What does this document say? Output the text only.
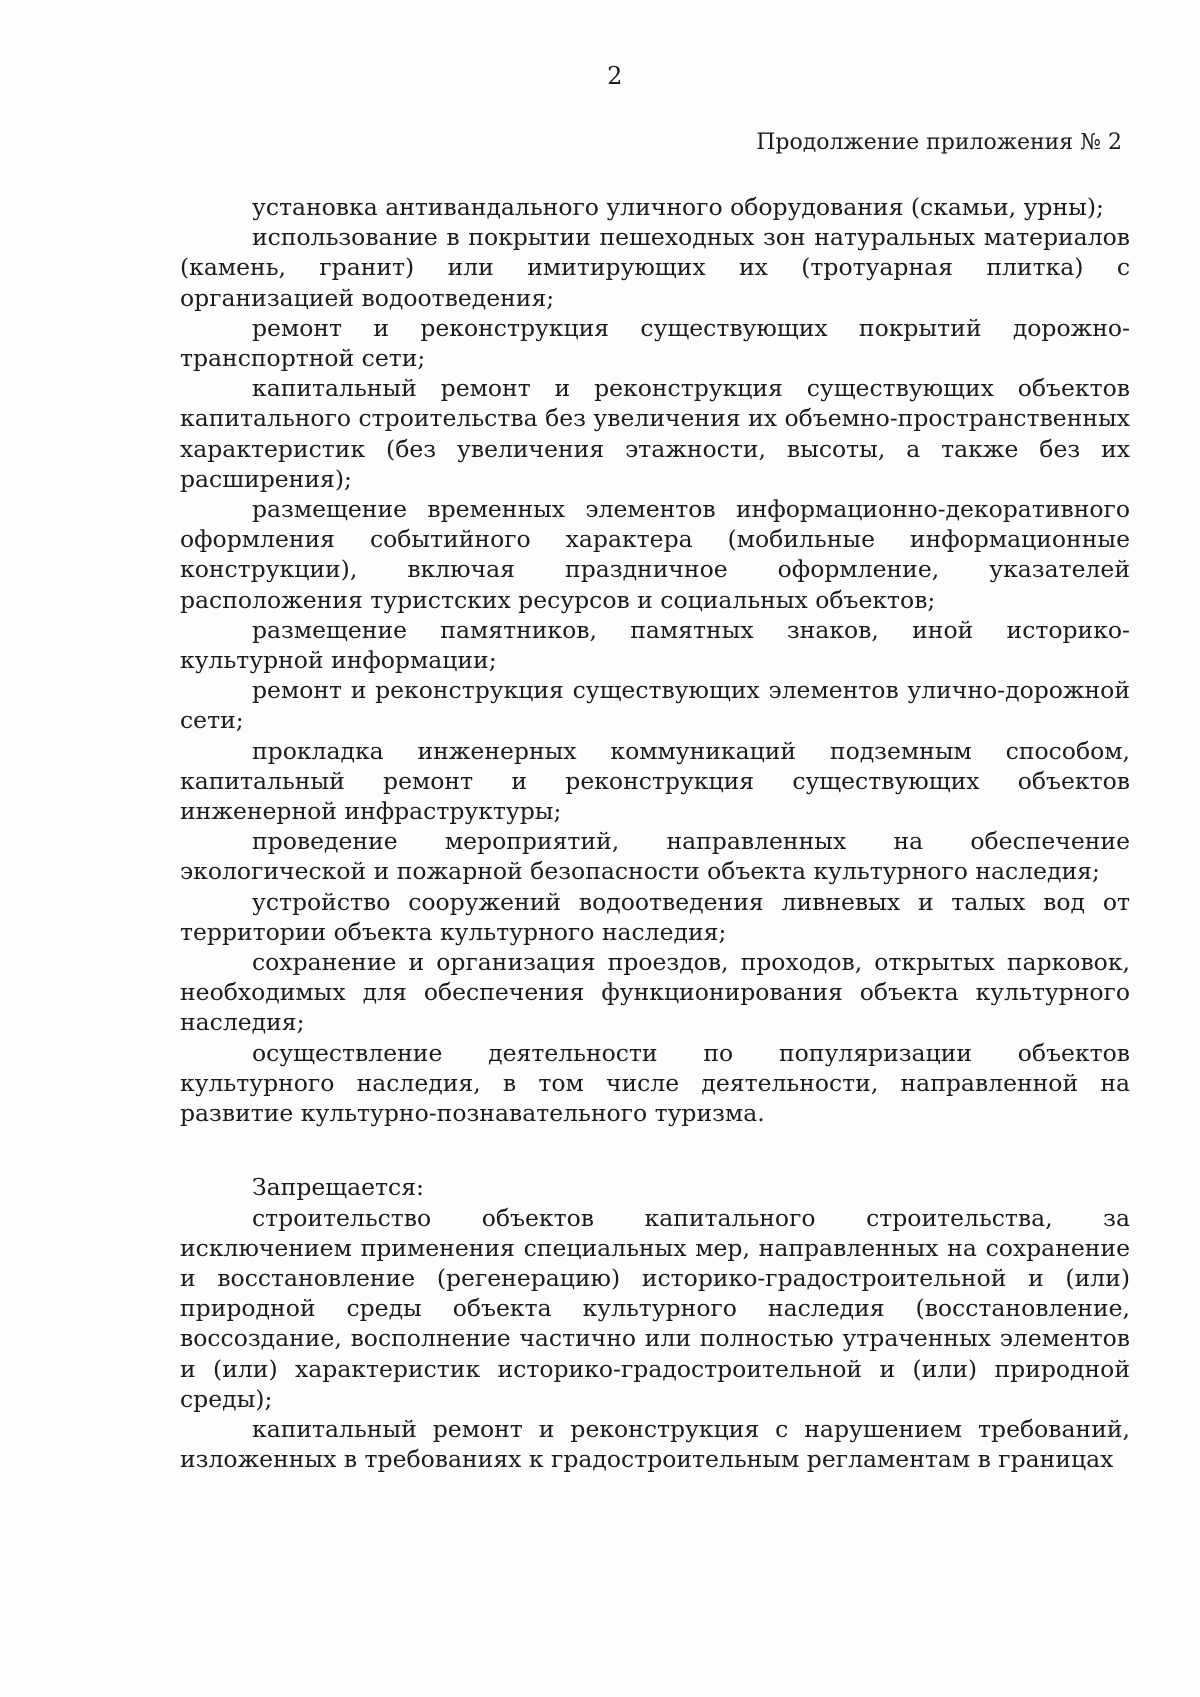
2
Продолжение приложения № 2

установка антивандального уличного оборудования (скамьи, урны);

использование в покрытии пешеходных зон натуральных материалов (камень, гранит) или имитирующих их (тротуарная плитка) с организацией водоотведения;

ремонт и реконструкция существующих покрытий дорожно-транспортной сети;

капитальный ремонт и реконструкция существующих объектов капитального строительства без увеличения их объемно-пространственных характеристик (без увеличения этажности, высоты, а также без их расширения);

размещение временных элементов информационно-декоративного оформления событийного характера (мобильные информационные конструкции), включая праздничное оформление, указателей расположения туристских ресурсов и социальных объектов;

размещение памятников, памятных знаков, иной историко-культурной информации;

ремонт и реконструкция существующих элементов улично-дорожной сети;

прокладка инженерных коммуникаций подземным способом, капитальный ремонт и реконструкция существующих объектов инженерной инфраструктуры;

проведение мероприятий, направленных на обеспечение экологической и пожарной безопасности объекта культурного наследия;

устройство сооружений водоотведения ливневых и талых вод от территории объекта культурного наследия;

сохранение и организация проездов, проходов, открытых парковок, необходимых для обеспечения функционирования объекта культурного наследия;

осуществление деятельности по популяризации объектов культурного наследия, в том числе деятельности, направленной на развитие культурно-познавательного туризма.

Запрещается:

строительство объектов капитального строительства, за исключением применения специальных мер, направленных на сохранение и восстановление (регенерацию) историко-градостроительной и (или) природной среды объекта культурного наследия (восстановление, воссоздание, восполнение частично или полностью утраченных элементов и (или) характеристик историко-градостроительной и (или) природной среды);

капитальный ремонт и реконструкция с нарушением требований, изложенных в требованиях к градостроительным регламентам в границах
